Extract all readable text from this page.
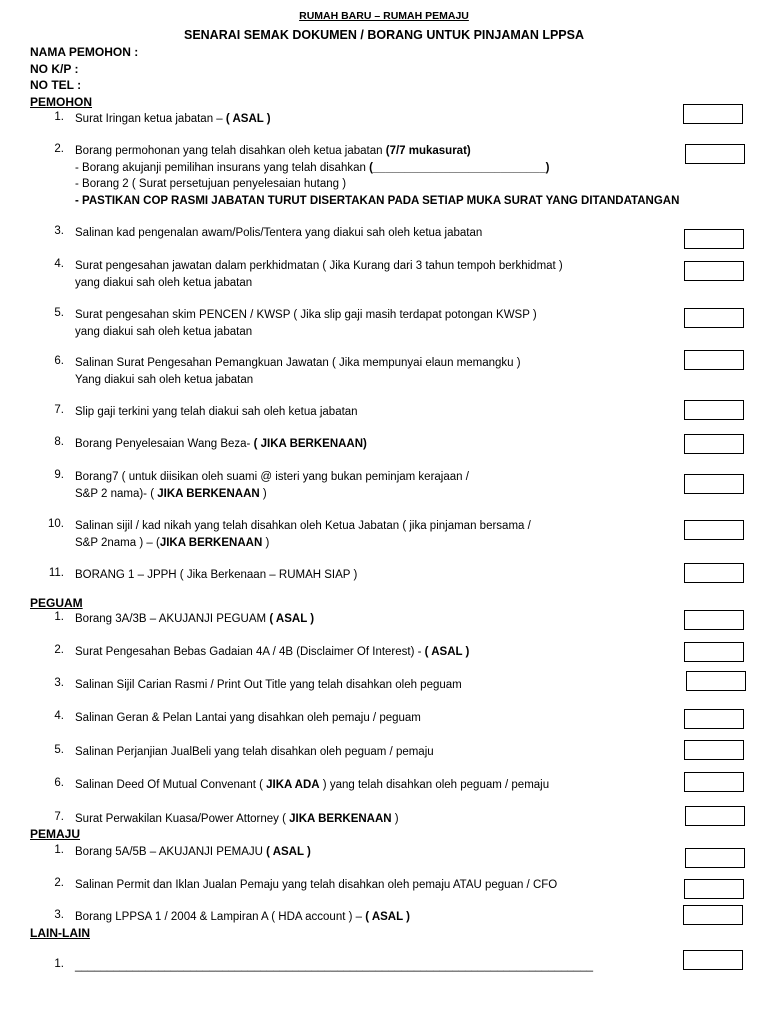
RUMAH BARU – RUMAH PEMAJU
SENARAI SEMAK DOKUMEN / BORANG UNTUK PINJAMAN LPPSA
NAMA PEMOHON :
NO K/P :
NO TEL :
PEMOHON
PEGUAM
PEMAJU
LAIN-LAIN
1. Surat Iringan ketua jabatan – ( ASAL )
2. Borang permohonan yang telah disahkan oleh ketua jabatan (7/7 mukasurat)
- Borang akujanji pemilihan insurans yang telah disahkan (___________________________)
- Borang 2 ( Surat persetujuan penyelesaian hutang )
- PASTIKAN COP RASMI JABATAN TURUT DISERTAKAN PADA SETIAP MUKA SURAT YANG DITANDATANGAN
3. Salinan kad pengenalan awam/Polis/Tentera yang diakui sah oleh ketua jabatan
4. Surat pengesahan jawatan dalam perkhidmatan ( Jika Kurang dari 3 tahun tempoh berkhidmat )
yang diakui sah oleh ketua jabatan
5. Surat pengesahan skim PENCEN / KWSP ( Jika slip gaji masih terdapat potongan KWSP )
yang diakui sah oleh ketua jabatan
6. Salinan Surat Pengesahan Pemangkuan Jawatan ( Jika mempunyai elaun memangku )
Yang diakui sah oleh ketua jabatan
7. Slip gaji terkini yang telah diakui sah oleh ketua jabatan
8. Borang Penyelesaian Wang Beza- ( JIKA BERKENAAN)
9. Borang7 ( untuk diisikan oleh suami @ isteri yang bukan peminjam kerajaan /
S&P 2 nama)- ( JIKA BERKENAAN )
10. Salinan sijil / kad nikah yang telah disahkan oleh Ketua Jabatan ( jika pinjaman bersama /
S&P 2nama ) – (JIKA BERKENAAN )
11. BORANG 1 – JPPH ( Jika Berkenaan – RUMAH SIAP )
1. Borang 3A/3B – AKUJANJI PEGUAM ( ASAL )
2. Surat Pengesahan Bebas Gadaian 4A / 4B (Disclaimer Of Interest) - ( ASAL )
3. Salinan Sijil Carian Rasmi / Print Out Title yang telah disahkan oleh peguam
4. Salinan Geran & Pelan Lantai yang disahkan oleh pemaju / peguam
5. Salinan Perjanjian JualBeli yang telah disahkan oleh peguam / pemaju
6. Salinan Deed Of Mutual Convenant ( JIKA ADA ) yang telah disahkan oleh peguam / pemaju
7. Surat Perwakilan Kuasa/Power Attorney ( JIKA BERKENAAN )
1. Borang 5A/5B – AKUJANJI PEMAJU ( ASAL )
2. Salinan Permit dan Iklan Jualan Pemaju yang telah disahkan oleh pemaju ATAU peguan / CFO
3. Borang LPPSA 1 / 2004 & Lampiran A ( HDA account ) – ( ASAL )
1. _________________________________________________________________________________
